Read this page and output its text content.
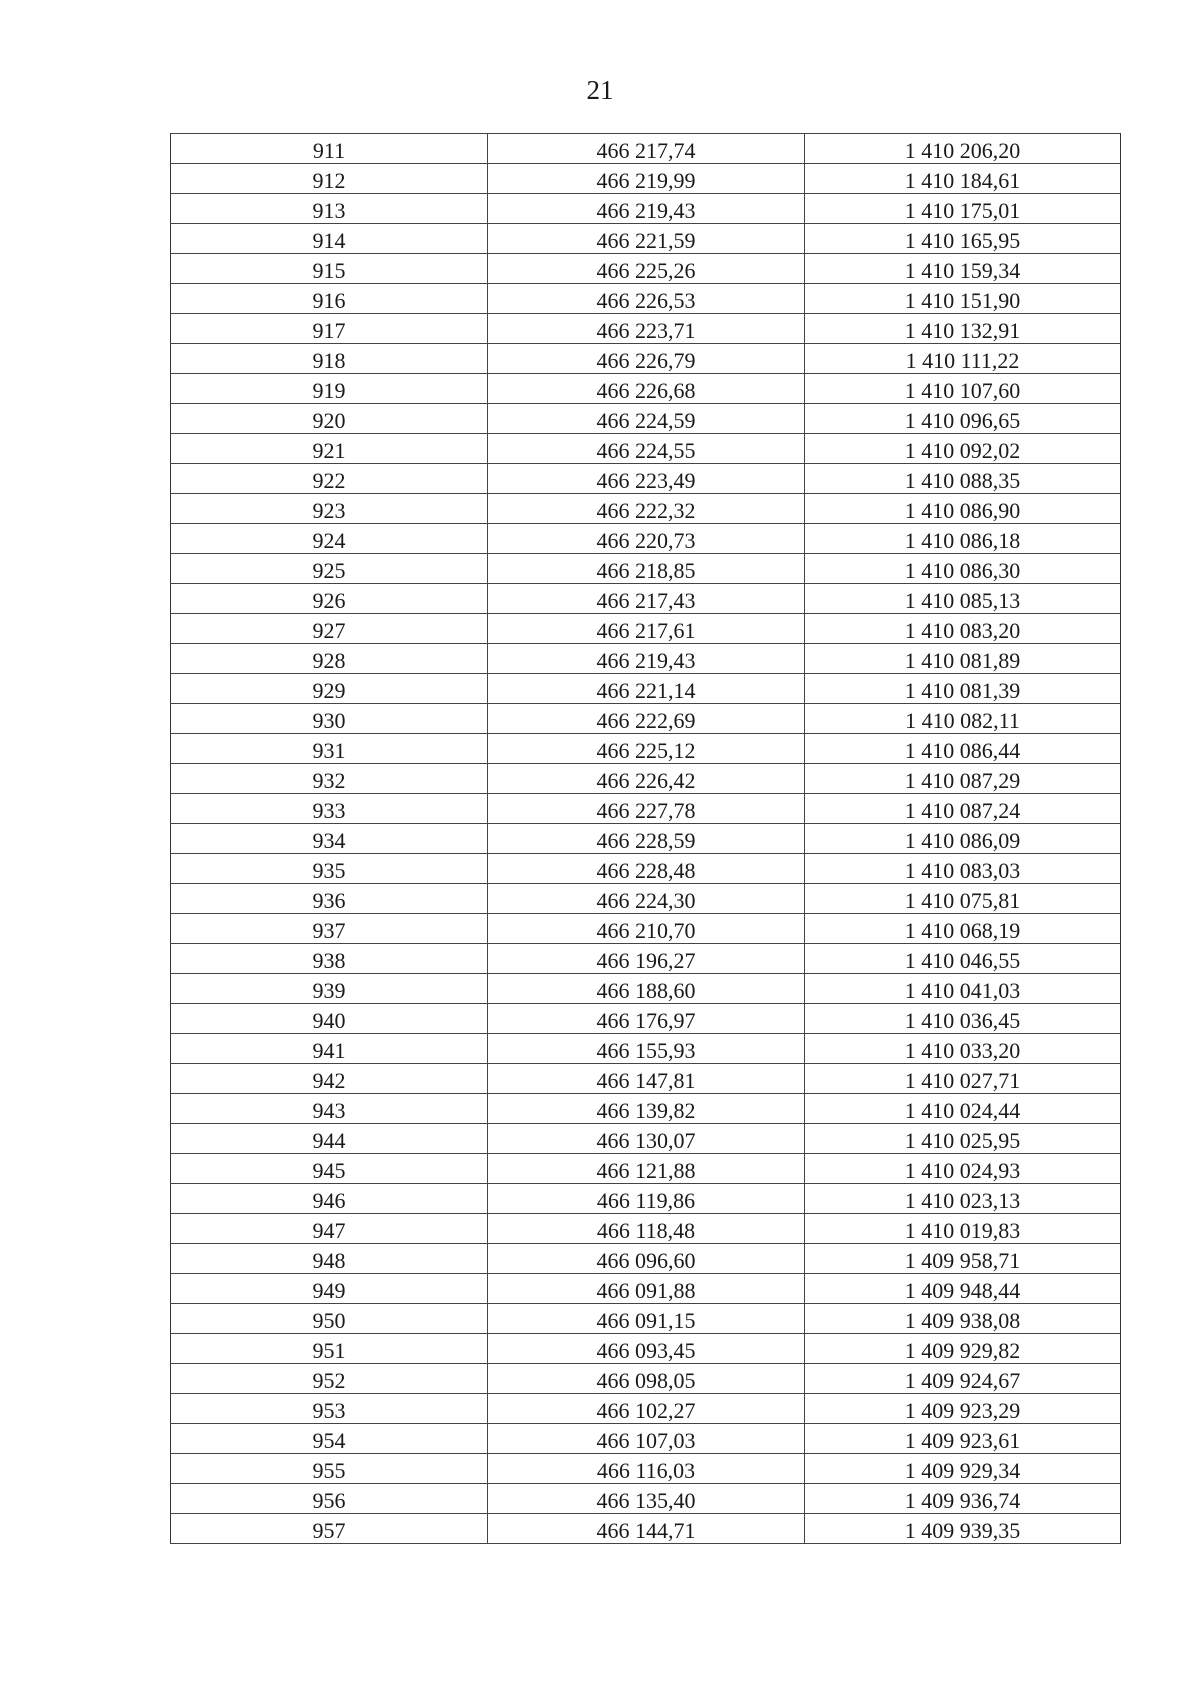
21
911	466 217,74	1 410 206,20
912	466 219,99	1 410 184,61
913	466 219,43	1 410 175,01
914	466 221,59	1 410 165,95
915	466 225,26	1 410 159,34
916	466 226,53	1 410 151,90
917	466 223,71	1 410 132,91
918	466 226,79	1 410 111,22
919	466 226,68	1 410 107,60
920	466 224,59	1 410 096,65
921	466 224,55	1 410 092,02
922	466 223,49	1 410 088,35
923	466 222,32	1 410 086,90
924	466 220,73	1 410 086,18
925	466 218,85	1 410 086,30
926	466 217,43	1 410 085,13
927	466 217,61	1 410 083,20
928	466 219,43	1 410 081,89
929	466 221,14	1 410 081,39
930	466 222,69	1 410 082,11
931	466 225,12	1 410 086,44
932	466 226,42	1 410 087,29
933	466 227,78	1 410 087,24
934	466 228,59	1 410 086,09
935	466 228,48	1 410 083,03
936	466 224,30	1 410 075,81
937	466 210,70	1 410 068,19
938	466 196,27	1 410 046,55
939	466 188,60	1 410 041,03
940	466 176,97	1 410 036,45
941	466 155,93	1 410 033,20
942	466 147,81	1 410 027,71
943	466 139,82	1 410 024,44
944	466 130,07	1 410 025,95
945	466 121,88	1 410 024,93
946	466 119,86	1 410 023,13
947	466 118,48	1 410 019,83
948	466 096,60	1 409 958,71
949	466 091,88	1 409 948,44
950	466 091,15	1 409 938,08
951	466 093,45	1 409 929,82
952	466 098,05	1 409 924,67
953	466 102,27	1 409 923,29
954	466 107,03	1 409 923,61
955	466 116,03	1 409 929,34
956	466 135,40	1 409 936,74
957	466 144,71	1 409 939,35
